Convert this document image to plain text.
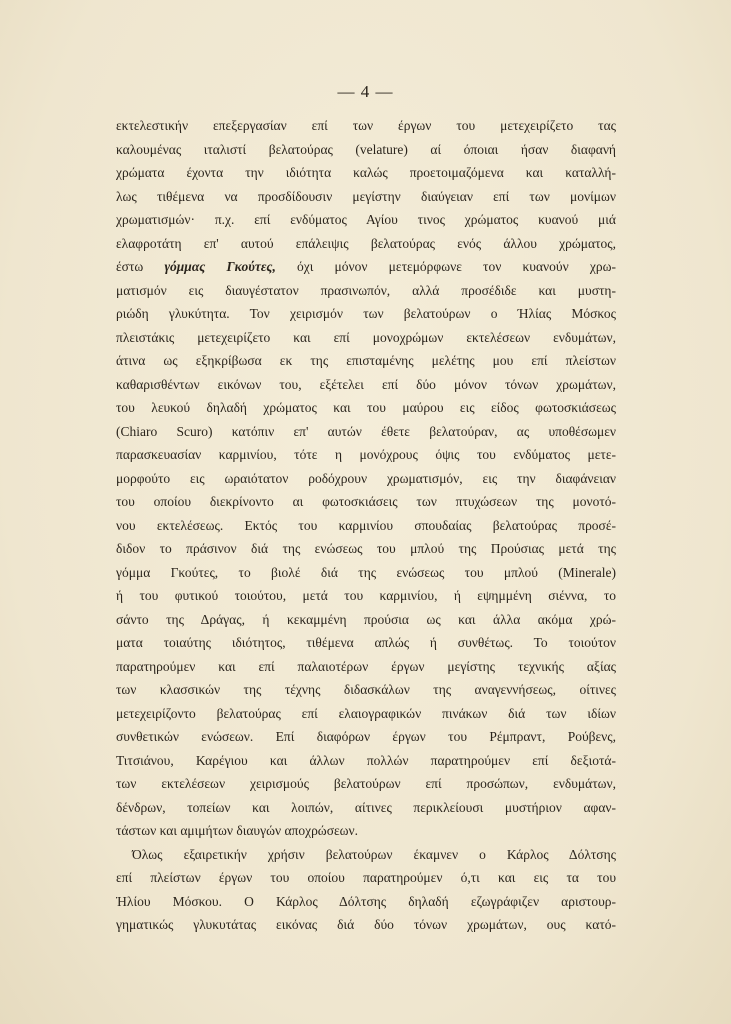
— 4 —
εκτελεστικήν επεξεργασίαν επί των έργων του μετεχειρίζετο τας
καλουμένας ιταλιστί βελατούρας (velature) αί όποιαι ήσαν διαφανή
χρώματα έχοντα την ιδιότητα καλώς προετοιμαζόμενα και καταλλή-
λως τιθέμενα να προσδίδουσιν μεγίστην διαύγειαν επί των μονίμων
χρωματισμών· π.χ. επί ενδύματος Αγίου τινος χρώματος κυανού μιά
ελαφροτάτη επ' αυτού επάλειψις βελατούρας ενός άλλου χρώματος,
έστω γόμμας Γκούτες, όχι μόνον μετεμόρφωνε τον κυανούν χρω-
ματισμόν εις διαυγέστατον πρασινωπόν, αλλά προσέδιδε και μυστη-
ριώδη γλυκύτητα. Τον χειρισμόν των βελατούρων ο Ήλίας Μόσκος
πλειστάκις μετεχειρίζετο και επί μονοχρώμων εκτελέσεων ενδυμάτων,
άτινα ως εξηκρίβωσα εκ της επισταμένης μελέτης μου επί πλείστων
καθαρισθέντων εικόνων του, εξέτελει επί δύο μόνον τόνων χρωμάτων,
του λευκού δηλαδή χρώματος και του μαύρου εις είδος φωτοσκιάσεως
(Chiaro Scuro) κατόπιν επ' αυτών έθετε βελατούραν, ας υποθέσωμεν
παρασκευασίαν καρμινίου, τότε η μονόχρους όψις του ενδύματος μετε-
μορφούτο εις ωραιότατον ροδόχρουν χρωματισμόν, εις την διαφάνειαν
του οποίου διεκρίνοντο αι φωτοσκιάσεις των πτυχώσεων της μονοτό-
νου εκτελέσεως. Εκτός του καρμινίου σπουδαίας βελατούρας προσέ-
διδον το πράσινον διά της ενώσεως του μπλού της Προύσιας μετά της
γόμμα Γκούτες, το βιολέ διά της ενώσεως του μπλού (Minerale)
ή του φυτικού τοιούτου, μετά του καρμινίου, ή εψημμένη σιέννα, το
σάντο της Δράγας, ή κεκαμμένη προύσια ως και άλλα ακόμα χρώ-
ματα τοιαύτης ιδιότητος, τιθέμενα απλώς ή συνθέτως. Το τοιούτον
παρατηρούμεν και επί παλαιοτέρων έργων μεγίστης τεχνικής αξίας
των κλασσικών της τέχνης διδασκάλων της αναγεννήσεως, οίτινες
μετεχειρίζοντο βελατούρας επί ελαιογραφικών πινάκων διά των ιδίων
συνθετικών ενώσεων. Επί διαφόρων έργων του Ρέμπραντ, Ρούβενς,
Τιτσιάνου, Καρέγιου και άλλων πολλών παρατηρούμεν επί δεξιοτά-
των εκτελέσεων χειρισμούς βελατούρων επί προσώπων, ενδυμάτων,
δένδρων, τοπείων και λοιπών, αίτινες περικλείουσι μυστήριον αφαν-
τάστων και αμιμήτων διαυγών αποχρώσεων.
Όλως εξαιρετικήν χρήσιν βελατούρων έκαμνεν ο Κάρλος Δόλτσης
επί πλείστων έργων του οποίου παρατηρούμεν ό,τι και εις τα του
Ήλίου Μόσκου. Ο Κάρλος Δόλτσης δηλαδή εζωγράφιζεν αριστουρ-
γηματικώς γλυκυτάτας εικόνας διά δύο τόνων χρωμάτων, ους κατό-
